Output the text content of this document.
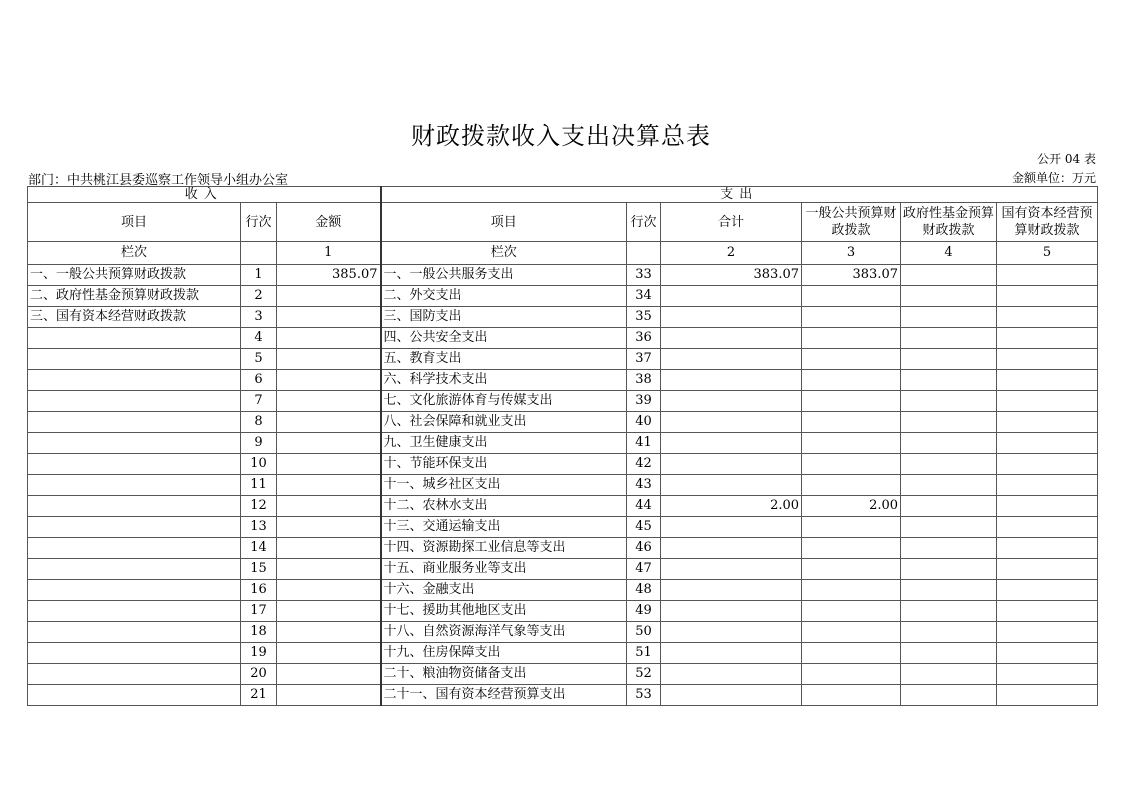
财政拨款收入支出决算总表
公开 04 表
部门：中共桃江县委巡察工作领导小组办公室	金额单位：万元
收入			支出					
项目	行次	金额	项目	行次	合计	一般公共预算财政拨款	政府性基金预算财政拨款	国有资本经营预算财政拨款
栏次		1	栏次		2	3	4	5
一、一般公共预算财政拨款	1	385.07	一、一般公共服务支出	33	383.07	383.07		
二、政府性基金预算财政拨款	2		二、外交支出	34				
三、国有资本经营财政拨款	3		三、国防支出	35				
	4		四、公共安全支出	36				
	5		五、教育支出	37				
	6		六、科学技术支出	38				
	7		七、文化旅游体育与传媒支出	39				
	8		八、社会保障和就业支出	40				
	9		九、卫生健康支出	41				
	10		十、节能环保支出	42				
	11		十一、城乡社区支出	43				
	12		十二、农林水支出	44	2.00	2.00		
	13		十三、交通运输支出	45				
	14		十四、资源勘探工业信息等支出	46				
	15		十五、商业服务业等支出	47				
	16		十六、金融支出	48				
	17		十七、援助其他地区支出	49				
	18		十八、自然资源海洋气象等支出	50				
	19		十九、住房保障支出	51				
	20		二十、粮油物资储备支出	52				
	21		二十一、国有资本经营预算支出	53				
